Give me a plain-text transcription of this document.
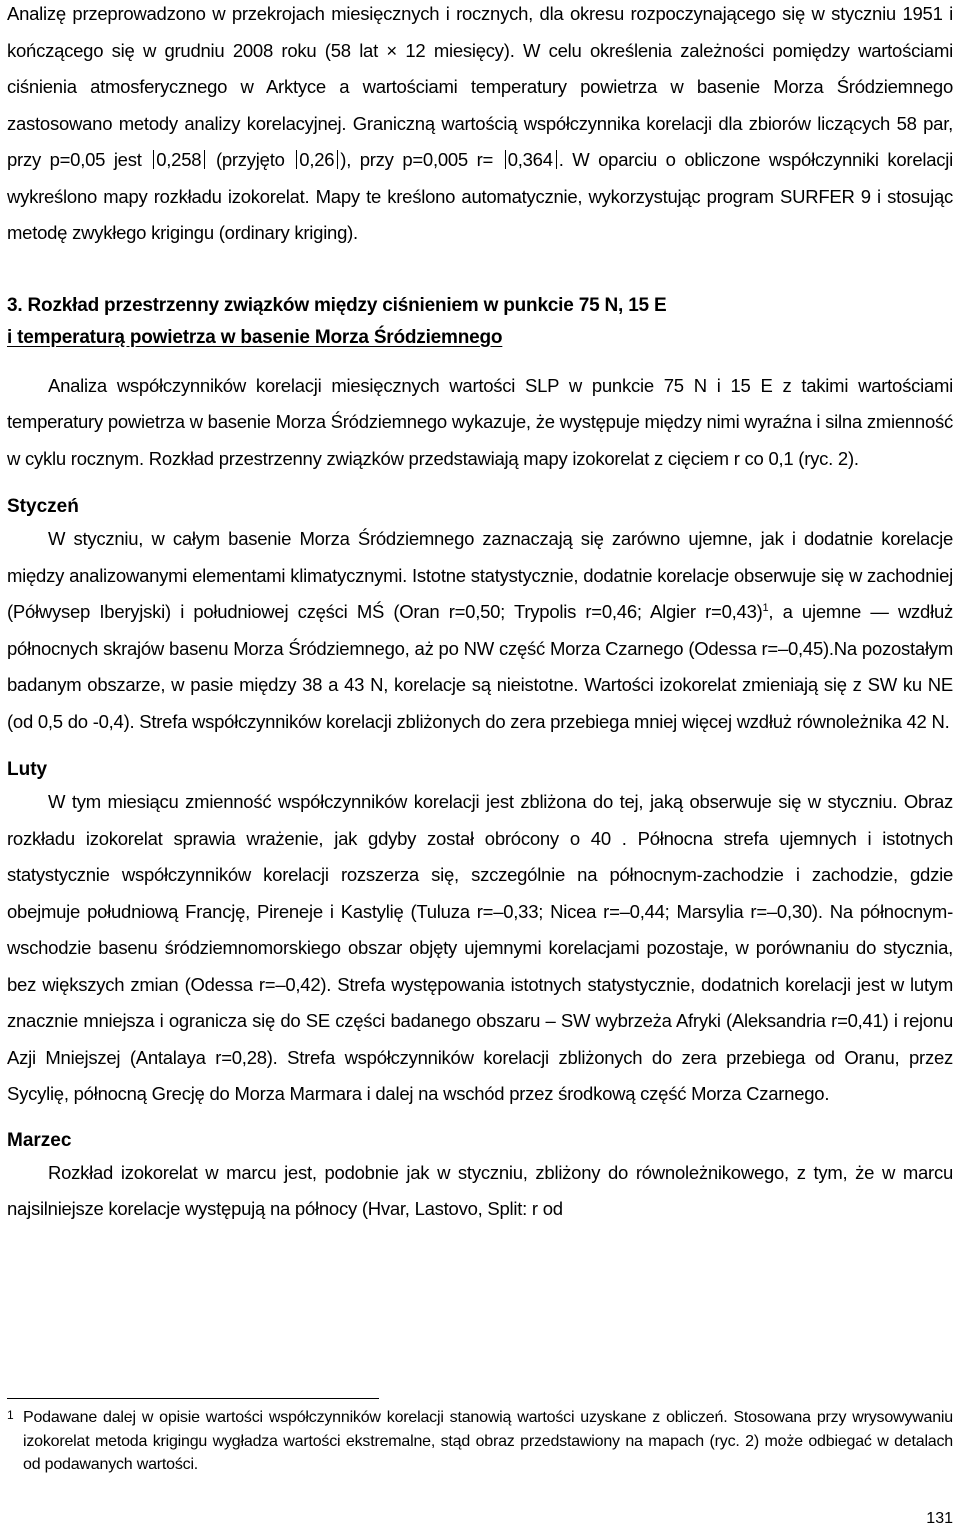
Analizę przeprowadzono w przekrojach miesięcznych i rocznych, dla okresu rozpoczynającego się w styczniu 1951 i kończącego się w grudniu 2008 roku (58 lat × 12 miesięcy). W celu określenia zależności pomiędzy wartościami ciśnienia atmosferycznego w Arktyce a wartościami temperatury powietrza w basenie Morza Śródziemnego zastosowano metody analizy korelacyjnej. Graniczną wartością współczynnika korelacji dla zbiorów liczących 58 par, przy p=0,05 jest 0,258 (przyjęto 0,26 ), przy p=0,005 r= 0,364 . W oparciu o obliczone współczynniki korelacji wykreślono mapy rozkładu izokorelat. Mapy te kreślono automatycznie, wykorzystując program SURFER 9 i stosując metodę zwykłego krigingu (ordinary kriging).

3. Rozkład przestrzenny związków między ciśnieniem w punkcie 75 N, 15 E
i temperaturą powietrza w basenie Morza Śródziemnego

Analiza współczynników korelacji miesięcznych wartości SLP w punkcie 75 N i 15 E z takimi wartościami temperatury powietrza w basenie Morza Śródziemnego wykazuje, że występuje między nimi wyraźna i silna zmienność w cyklu rocznym. Rozkład przestrzenny związków przedstawiają mapy izokorelat z cięciem r co 0,1 (ryc. 2).

Styczeń

W styczniu, w całym basenie Morza Śródziemnego zaznaczają się zarówno ujemne, jak i dodatnie korelacje między analizowanymi elementami klimatycznymi. Istotne statystycznie, dodatnie korelacje obserwuje się w zachodniej (Półwysep Iberyjski) i południowej części MŚ (Oran r=0,50; Trypolis r=0,46; Algier r=0,43)$^1$, a ujemne — wzdłuż północnych skrajów basenu Morza Śródziemnego, aż po NW część Morza Czarnego (Odessa r=–0,45).Na pozostałym badanym obszarze, w pasie między 38 a 43 N, korelacje są nieistotne. Wartości izokorelat zmieniają się z SW ku NE (od 0,5 do -0,4). Strefa współczynników korelacji zbliżonych do zera przebiega mniej więcej wzdłuż równoleżnika 42 N.

Luty

W tym miesiącu zmienność współczynników korelacji jest zbliżona do tej, jaką obserwuje się w styczniu. Obraz rozkładu izokorelat sprawia wrażenie, jak gdyby został obrócony o 40 . Północna strefa ujemnych i istotnych statystycznie współczynników korelacji rozszerza się, szczególnie na północnym-zachodzie i zachodzie, gdzie obejmuje południową Francję, Pireneje i Kastylię (Tuluza r=–0,33; Nicea r=–0,44; Marsylia r=–0,30). Na północnym-wschodzie basenu śródziemnomorskiego obszar objęty ujemnymi korelacjami pozostaje, w porównaniu do stycznia, bez większych zmian (Odessa r=–0,42). Strefa występowania istotnych statystycznie, dodatnich korelacji jest w lutym znacznie mniejsza i ogranicza się do SE części badanego obszaru – SW wybrzeża Afryki (Aleksandria r=0,41) i rejonu Azji Mniejszej (Antalaya r=0,28). Strefa współczynników korelacji zbliżonych do zera przebiega od Oranu, przez Sycylię, północną Grecję do Morza Marmara i dalej na wschód przez środkową część Morza Czarnego.

Marzec

Rozkład izokorelat w marcu jest, podobnie jak w styczniu, zbliżony do równoleżnikowego, z tym, że w marcu najsilniejsze korelacje występują na północy (Hvar, Lastovo, Split: r od

1 Podawane dalej w opisie wartości współczynników korelacji stanowią wartości uzyskane z obliczeń. Stosowana przy wrysowywaniu izokorelat metoda krigingu wygładza wartości ekstremalne, stąd obraz przedstawiony na mapach (ryc. 2) może odbiegać w detalach od podawanych wartości.
131
